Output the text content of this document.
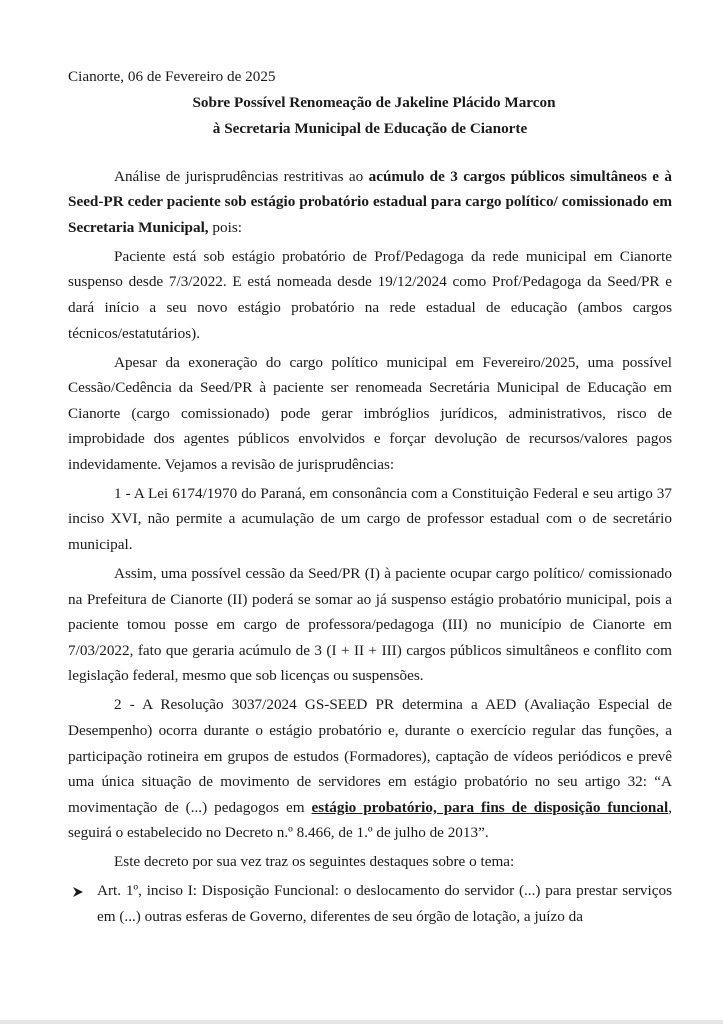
Cianorte, 06 de Fevereiro de 2025

Sobre Possível Renomeação de Jakeline Plácido Marcon

à Secretaria Municipal de Educação de Cianorte

Análise de jurisprudências restritivas ao acúmulo de 3 cargos públicos simultâneos e à Seed-PR ceder paciente sob estágio probatório estadual para cargo político/ comissionado em Secretaria Municipal, pois:

Paciente está sob estágio probatório de Prof/Pedagoga da rede municipal em Cianorte suspenso desde 7/3/2022. E está nomeada desde 19/12/2024 como Prof/Pedagoga da Seed/PR e dará início a seu novo estágio probatório na rede estadual de educação (ambos cargos técnicos/estatutários).

Apesar da exoneração do cargo político municipal em Fevereiro/2025, uma possível Cessão/Cedência da Seed/PR à paciente ser renomeada Secretária Municipal de Educação em Cianorte (cargo comissionado) pode gerar imbróglios jurídicos, administrativos, risco de improbidade dos agentes públicos envolvidos e forçar devolução de recursos/valores pagos indevidamente. Vejamos a revisão de jurisprudências:

1 - A Lei 6174/1970 do Paraná, em consonância com a Constituição Federal e seu artigo 37 inciso XVI, não permite a acumulação de um cargo de professor estadual com o de secretário municipal.

Assim, uma possível cessão da Seed/PR (I) à paciente ocupar cargo político/ comissionado na Prefeitura de Cianorte (II) poderá se somar ao já suspenso estágio probatório municipal, pois a paciente tomou posse em cargo de professora/pedagoga (III) no município de Cianorte em 7/03/2022, fato que geraria acúmulo de 3 (I + II + III) cargos públicos simultâneos e conflito com legislação federal, mesmo que sob licenças ou suspensões.

2 - A Resolução 3037/2024 GS-SEED PR determina a AED (Avaliação Especial de Desempenho) ocorra durante o estágio probatório e, durante o exercício regular das funções, a participação rotineira em grupos de estudos (Formadores), captação de vídeos periódicos e prevê uma única situação de movimento de servidores em estágio probatório no seu artigo 32: “A movimentação de (...) pedagogos em estágio probatório, para fins de disposição funcional, seguirá o estabelecido no Decreto n.º 8.466, de 1.º de julho de 2013”.

Este decreto por sua vez traz os seguintes destaques sobre o tema:

Art. 1º, inciso I: Disposição Funcional: o deslocamento do servidor (...) para prestar serviços em (...) outras esferas de Governo, diferentes de seu órgão de lotação, a juízo da
